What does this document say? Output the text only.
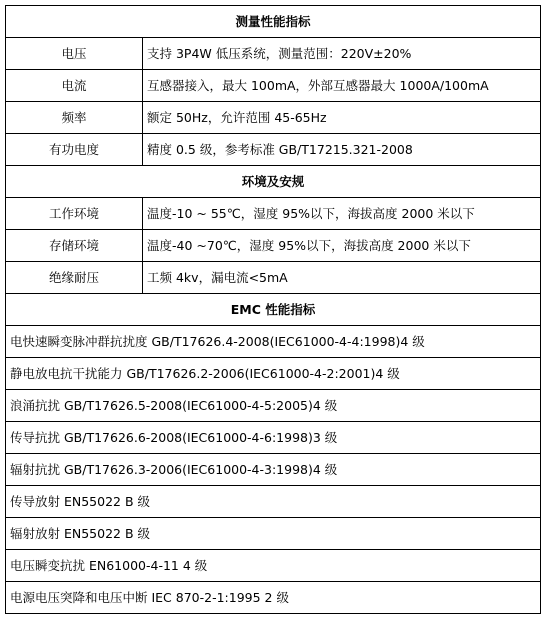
测量性能指标	
电压	支持 3P4W 低压系统，测量范围：220V±20%
电流	互感器接入，最大 100mA，外部互感器最大 1000A/100mA
频率	额定 50Hz，允许范围 45-65Hz
有功电度	精度 0.5 级，参考标准 GB/T17215.321-2008
环境及安规	
工作环境	温度-10 ~ 55℃，湿度 95%以下，海拔高度 2000 米以下
存储环境	温度-40 ~70℃，湿度 95%以下，海拔高度 2000 米以下
绝缘耐压	工频 4kv，漏电流<5mA
EMC 性能指标	
电快速瞬变脉冲群抗扰度 GB/T17626.4-2008(IEC61000-4-4:1998)4 级	
静电放电抗干扰能力 GB/T17626.2-2006(IEC61000-4-2:2001)4 级	
浪涌抗扰 GB/T17626.5-2008(IEC61000-4-5:2005)4 级	
传导抗扰 GB/T17626.6-2008(IEC61000-4-6:1998)3 级	
辐射抗扰 GB/T17626.3-2006(IEC61000-4-3:1998)4 级	
传导放射 EN55022 B 级	
辐射放射 EN55022 B 级	
电压瞬变抗扰 EN61000-4-11 4 级	
电源电压突降和电压中断 IEC 870-2-1:1995 2 级	
